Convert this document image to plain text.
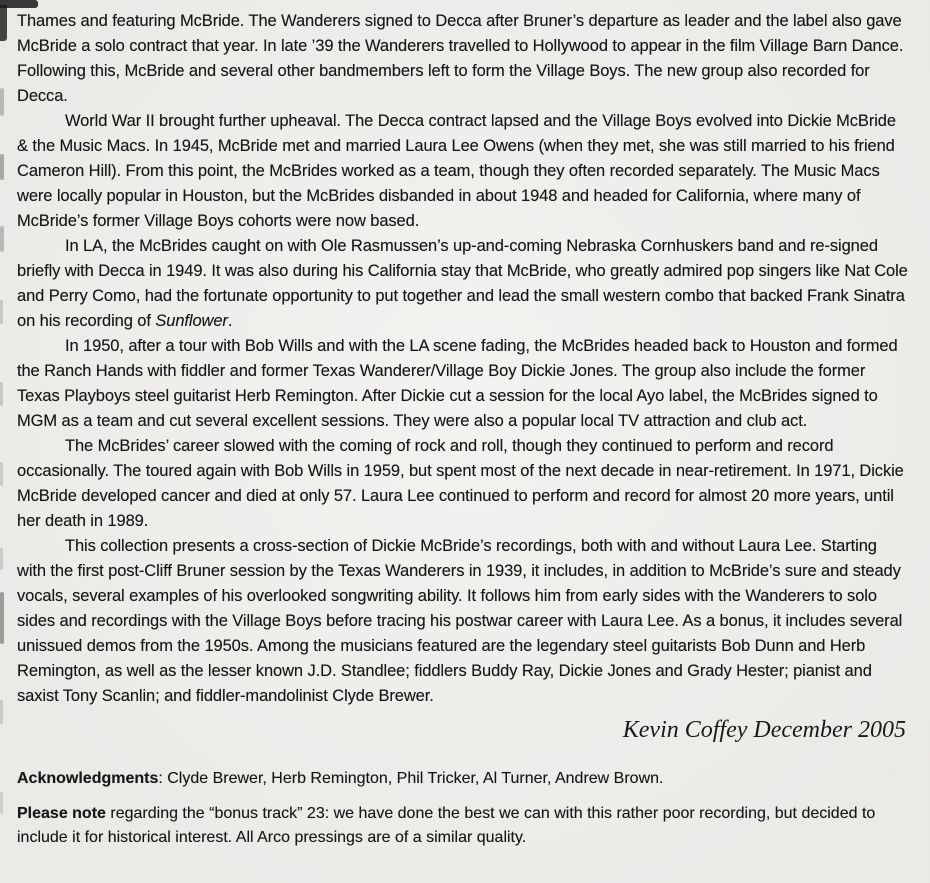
Thames and featuring McBride. The Wanderers signed to Decca after Bruner’s departure as leader and the label also gave McBride a solo contract that year. In late ’39 the Wanderers travelled to Hollywood to appear in the film Village Barn Dance. Following this, McBride and several other bandmembers left to form the Village Boys. The new group also recorded for Decca.

World War II brought further upheaval. The Decca contract lapsed and the Village Boys evolved into Dickie McBride & the Music Macs. In 1945, McBride met and married Laura Lee Owens (when they met, she was still married to his friend Cameron Hill). From this point, the McBrides worked as a team, though they often recorded separately. The Music Macs were locally popular in Houston, but the McBrides disbanded in about 1948 and headed for California, where many of McBride’s former Village Boys cohorts were now based.

In LA, the McBrides caught on with Ole Rasmussen’s up-and-coming Nebraska Cornhuskers band and re-signed briefly with Decca in 1949. It was also during his California stay that McBride, who greatly admired pop singers like Nat Cole and Perry Como, had the fortunate opportunity to put together and lead the small western combo that backed Frank Sinatra on his recording of Sunflower.

In 1950, after a tour with Bob Wills and with the LA scene fading, the McBrides headed back to Houston and formed the Ranch Hands with fiddler and former Texas Wanderer/Village Boy Dickie Jones. The group also include the former Texas Playboys steel guitarist Herb Remington. After Dickie cut a session for the local Ayo label, the McBrides signed to MGM as a team and cut several excellent sessions. They were also a popular local TV attraction and club act.

The McBrides’ career slowed with the coming of rock and roll, though they continued to perform and record occasionally. The toured again with Bob Wills in 1959, but spent most of the next decade in near-retirement. In 1971, Dickie McBride developed cancer and died at only 57. Laura Lee continued to perform and record for almost 20 more years, until her death in 1989.

This collection presents a cross-section of Dickie McBride’s recordings, both with and without Laura Lee. Starting with the first post-Cliff Bruner session by the Texas Wanderers in 1939, it includes, in addition to McBride’s sure and steady vocals, several examples of his overlooked songwriting ability. It follows him from early sides with the Wanderers to solo sides and recordings with the Village Boys before tracing his postwar career with Laura Lee. As a bonus, it includes several unissued demos from the 1950s. Among the musicians featured are the legendary steel guitarists Bob Dunn and Herb Remington, as well as the lesser known J.D. Standlee; fiddlers Buddy Ray, Dickie Jones and Grady Hester; pianist and saxist Tony Scanlin; and fiddler-mandolinist Clyde Brewer.

Kevin Coffey December 2005

Acknowledgments: Clyde Brewer, Herb Remington, Phil Tricker, Al Turner, Andrew Brown.

Please note regarding the “bonus track” 23: we have done the best we can with this rather poor recording, but decided to include it for historical interest. All Arco pressings are of a similar quality.
